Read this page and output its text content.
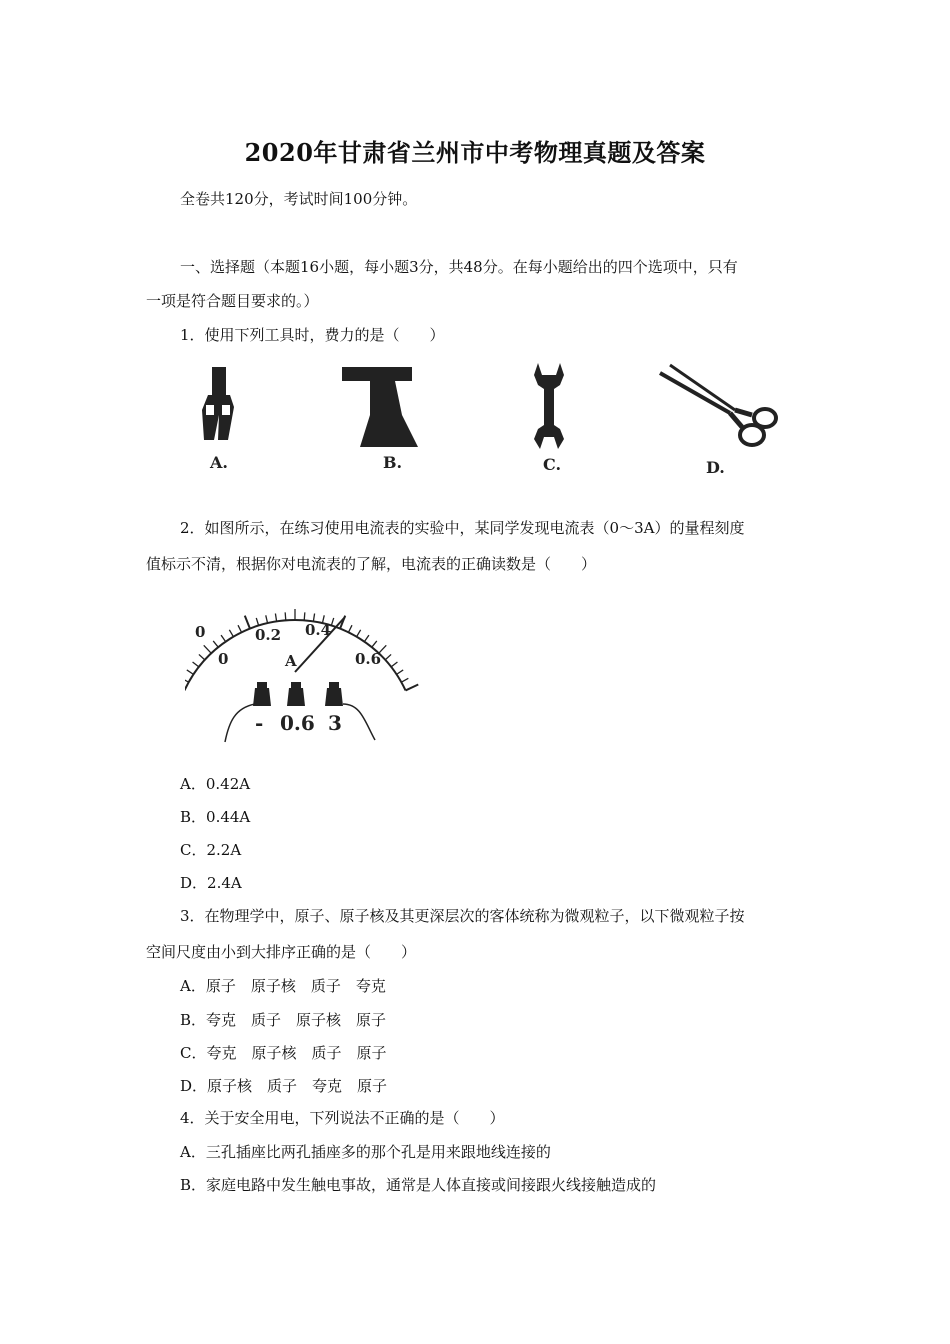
2020年甘肃省兰州市中考物理真题及答案
全卷共120分，考试时间100分钟。
一、选择题（本题16小题，每小题3分，共48分。在每小题给出的四个选项中，只有
一项是符合题目要求的。）
1．使用下列工具时，费力的是（　　）
A.	B.	C.	D.
2．如图所示，在练习使用电流表的实验中，某同学发现电流表（0～3A）的量程刻度
值标示不清，根据你对电流表的了解，电流表的正确读数是（　　）
0	0.2 0.4
0	0.6
A
- 0.6 3
A．0.42A
B．0.44A
C．2.2A
D．2.4A
3．在物理学中，原子、原子核及其更深层次的客体统称为微观粒子，以下微观粒子按
空间尺度由小到大排序正确的是（　　）
A．原子　原子核　质子　夸克
B．夸克　质子　原子核　原子
C．夸克　原子核　质子　原子
D．原子核　质子　夸克　原子
4．关于安全用电，下列说法不正确的是（　　）
A．三孔插座比两孔插座多的那个孔是用来跟地线连接的
B．家庭电路中发生触电事故，通常是人体直接或间接跟火线接触造成的
